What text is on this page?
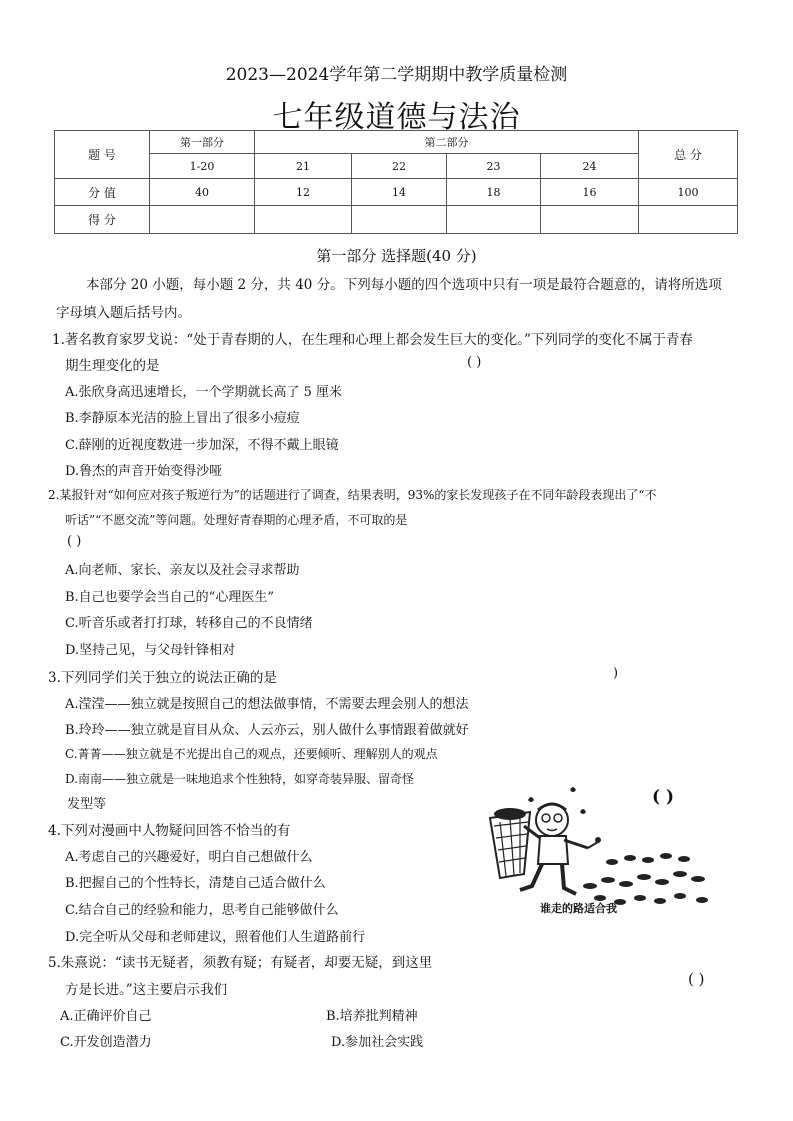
2023—2024学年第二学期期中教学质量检测
七年级道德与法治
题 号	第一部分	第二部分				总 分
	1-20	21	22	23	24	
分 值	40	12	14	18	16	100
得 分						
第一部分 选择题(40 分)
本部分 20 小题，每小题 2 分，共 40 分。下列每小题的四个选项中只有一项是最符合题意的，请将所选项
字母填入题后括号内。
1.著名教育家罗戈说：“处于青春期的人，在生理和心理上都会发生巨大的变化。”下列同学的变化不属于青春
期生理变化的是	( )
A.张欣身高迅速增长，一个学期就长高了 5 厘米
B.李静原本光洁的脸上冒出了很多小痘痘
C.薛刚的近视度数进一步加深，不得不戴上眼镜
D.鲁杰的声音开始变得沙哑
2.某报针对“如何应对孩子叛逆行为”的话题进行了调查，结果表明，93%的家长发现孩子在不同年龄段表现出了“不
听话”“不愿交流”等问题。处理好青春期的心理矛盾，不可取的是
( )
A.向老师、家长、亲友以及社会寻求帮助
B.自己也要学会当自己的“心理医生”
C.听音乐或者打打球，转移自己的不良情绪
D.坚持己见，与父母针锋相对
3.下列同学们关于独立的说法正确的是	)
A.滢滢——独立就是按照自己的想法做事情，不需要去理会别人的想法
B.玲玲——独立就是盲目从众、人云亦云，别人做什么事情跟着做就好
C.菁菁——独立就是不光提出自己的观点，还要倾听、理解别人的观点
D.南南——独立就是一味地追求个性独特，如穿奇装异服、留奇怪
发型等
4.下列对漫画中人物疑问回答不恰当的有
( )
A.考虑自己的兴趣爱好，明白自己想做什么
B.把握自己的个性特长，清楚自己适合做什么
C.结合自己的经验和能力，思考自己能够做什么
D.完全听从父母和老师建议，照着他们人生道路前行
谁走的路适合我
5.朱熹说：“读书无疑者，须教有疑；有疑者，却要无疑，到这里
方是长进。”这主要启示我们
( )
A.正确评价自己	B.培养批判精神
C.开发创造潜力	D.参加社会实践
